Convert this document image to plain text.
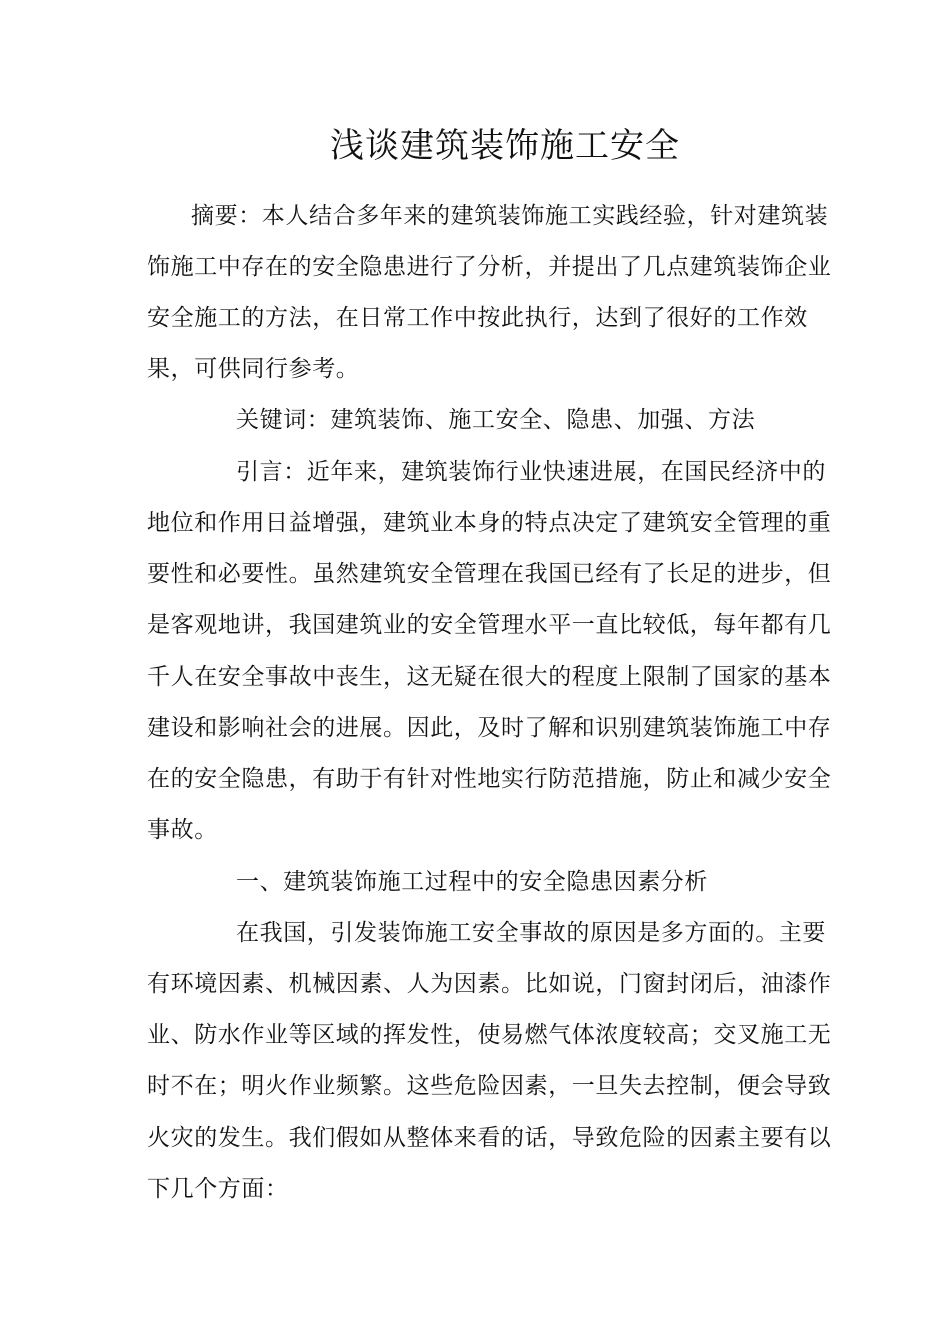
浅谈建筑装饰施工安全
摘要：本人结合多年来的建筑装饰施工实践经验，针对建筑装
饰施工中存在的安全隐患进行了分析，并提出了几点建筑装饰企业
安全施工的方法，在日常工作中按此执行，达到了很好的工作效
果，可供同行参考。
关键词：建筑装饰、施工安全、隐患、加强、方法
引言：近年来，建筑装饰行业快速进展，在国民经济中的
地位和作用日益增强，建筑业本身的特点决定了建筑安全管理的重
要性和必要性。虽然建筑安全管理在我国已经有了长足的进步，但
是客观地讲，我国建筑业的安全管理水平一直比较低，每年都有几
千人在安全事故中丧生，这无疑在很大的程度上限制了国家的基本
建设和影响社会的进展。因此，及时了解和识别建筑装饰施工中存
在的安全隐患，有助于有针对性地实行防范措施，防止和减少安全
事故。
一、建筑装饰施工过程中的安全隐患因素分析
在我国，引发装饰施工安全事故的原因是多方面的。主要
有环境因素、机械因素、人为因素。比如说，门窗封闭后，油漆作
业、防水作业等区域的挥发性，使易燃气体浓度较高；交叉施工无
时不在；明火作业频繁。这些危险因素，一旦失去控制，便会导致
火灾的发生。我们假如从整体来看的话，导致危险的因素主要有以
下几个方面：
